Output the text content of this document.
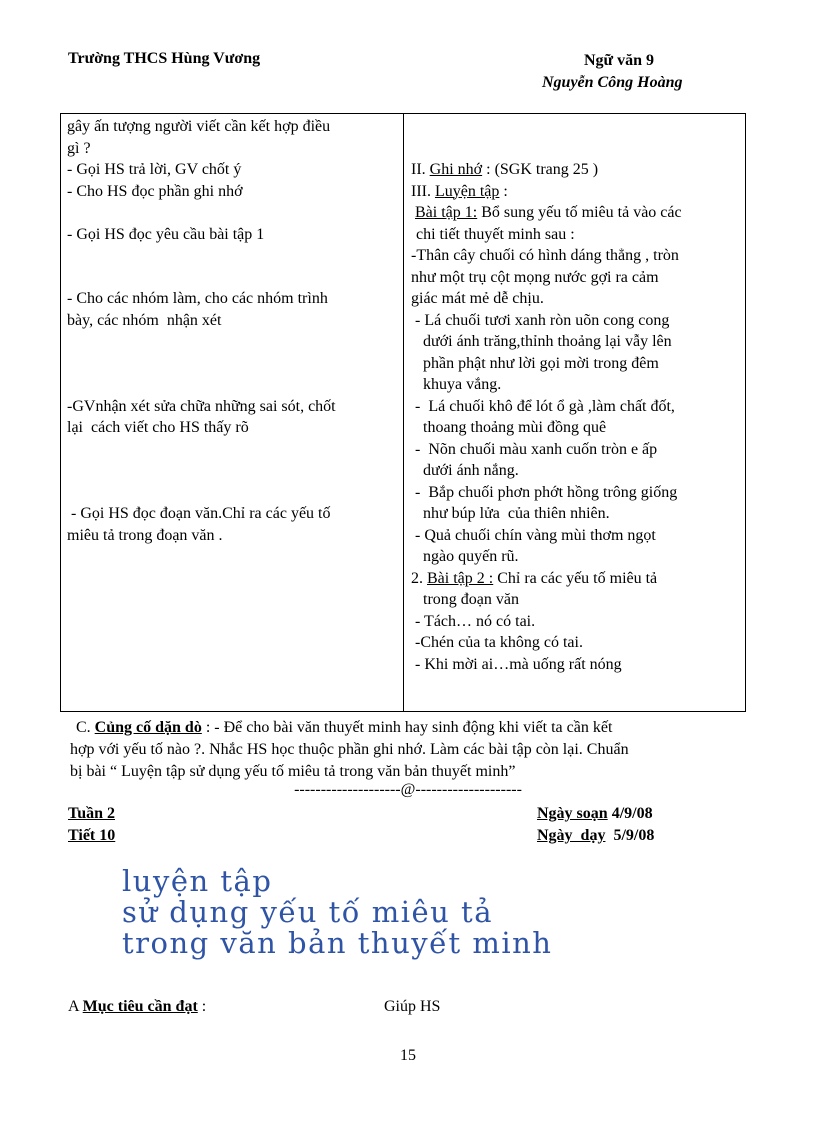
Trường THCS Hùng Vương	Ngữ văn 9
Nguyễn Công Hoàng
gây ấn tượng người viết cần kết hợp điều
gì ?
- Gọi HS trả lời, GV chốt ý
- Cho HS đọc phần ghi nhớ

- Gọi HS đọc yêu cầu bài tập 1

- Cho các nhóm làm, cho các nhóm trình
bày, các nhóm  nhận xét

-GVnhận xét sửa chữa những sai sót, chốt
lại  cách viết cho HS thấy rõ

- Gọi HS đọc đoạn văn.Chỉ ra các yếu tố
miêu tả trong đoạn văn .

II. Ghi nhớ : (SGK trang 25 )
III. Luyện tập :
Bài tập 1: Bổ sung yếu tố miêu tả vào các
chi tiết thuyết minh sau :
-Thân cây chuối có hình dáng thẳng , tròn
như một trụ cột mọng nước gợi ra cảm
giác mát mẻ dễ chịu.
- Lá chuối tươi xanh ròn uõn cong cong
dưới ánh trăng,thỉnh thoảng lại vẫy lên
phần phật như lời gọi mời trong đêm
khuya vắng.
-  Lá chuối khô để lót ổ gà ,làm chất đốt,
thoang thoảng mùi đồng quê
-  Nõn chuối màu xanh cuốn tròn e ấp
dưới ánh nắng.
-  Bắp chuối phơn phớt hồng trông giống
như búp lửa  của thiên nhiên.
- Quả chuối chín vàng mùi thơm ngọt
ngào quyến rũ.
2. Bài tập 2 : Chỉ ra các yếu tố miêu tả
trong đoạn văn
- Tách… nó có tai.
-Chén của ta không có tai.
- Khi mời ai…mà uống rất nóng
C. Củng cố dặn dò : - Để cho bài văn thuyết minh hay sinh động khi viết ta cần kết
hợp với yếu tố nào ?. Nhắc HS học thuộc phần ghi nhớ. Làm các bài tập còn lại. Chuẩn
bị bài “ Luyện tập sử dụng yếu tố miêu tả trong văn bản thuyết minh”
--------------------@--------------------
Tuần 2
Tiết 10
Ngày soạn 4/9/08
Ngày  dạy  5/9/08
luyện tập
sử dụng yếu tố miêu tả
trong văn bản thuyết minh
A Mục tiêu cần đạt :	Giúp HS
15
